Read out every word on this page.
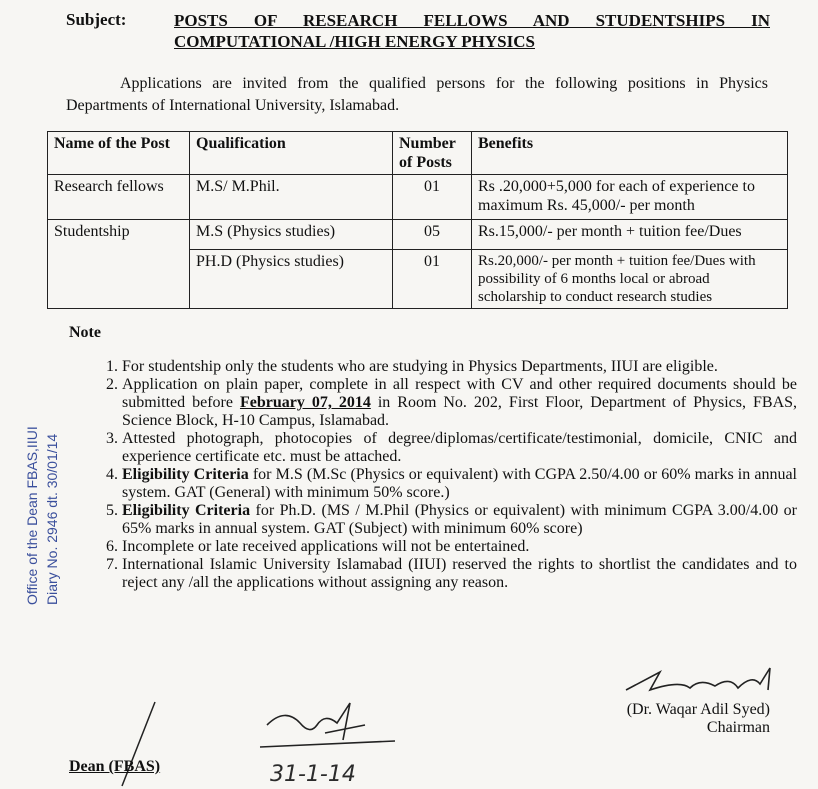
Subject:	POSTS OF RESEARCH FELLOWS AND STUDENTSHIPS IN COMPUTATIONAL /HIGH ENERGY PHYSICS
Applications are invited from the qualified persons for the following positions in Physics Departments of International University, Islamabad.
Name of the Post	Qualification	Number of Posts	Benefits
Research fellows	M.S/ M.Phil.	01	Rs .20,000+5,000 for each of experience to maximum Rs. 45,000/- per month
Studentship	M.S (Physics studies)	05	Rs.15,000/- per month + tuition fee/Dues
	PH.D (Physics studies)	01	Rs.20,000/- per month + tuition fee/Dues with possibility of 6 months local or abroad scholarship to conduct research studies
Note
1. For studentship only the students who are studying in Physics Departments, IIUI are eligible.
2. Application on plain paper, complete in all respect with CV and other required documents should be submitted before February 07, 2014 in Room No. 202, First Floor, Department of Physics, FBAS, Science Block, H-10 Campus, Islamabad.
3. Attested photograph, photocopies of degree/diplomas/certificate/testimonial, domicile, CNIC and experience certificate etc. must be attached.
4. Eligibility Criteria for M.S (M.Sc (Physics or equivalent) with CGPA 2.50/4.00 or 60% marks in annual system. GAT (General) with minimum 50% score.)
5. Eligibility Criteria for Ph.D. (MS / M.Phil (Physics or equivalent) with minimum CGPA 3.00/4.00 or 65% marks in annual system. GAT (Subject) with minimum 60% score)
6. Incomplete or late received applications will not be entertained.
7. International Islamic University Islamabad (IIUI) reserved the rights to shortlist the candidates and to reject any /all the applications without assigning any reason.
Office of the Dean FBAS,IIUI Diary No. 2946 dt. 30/01/14
(Dr. Waqar Adil Syed)
Chairman
Dean (FBAS)	31-1-14
